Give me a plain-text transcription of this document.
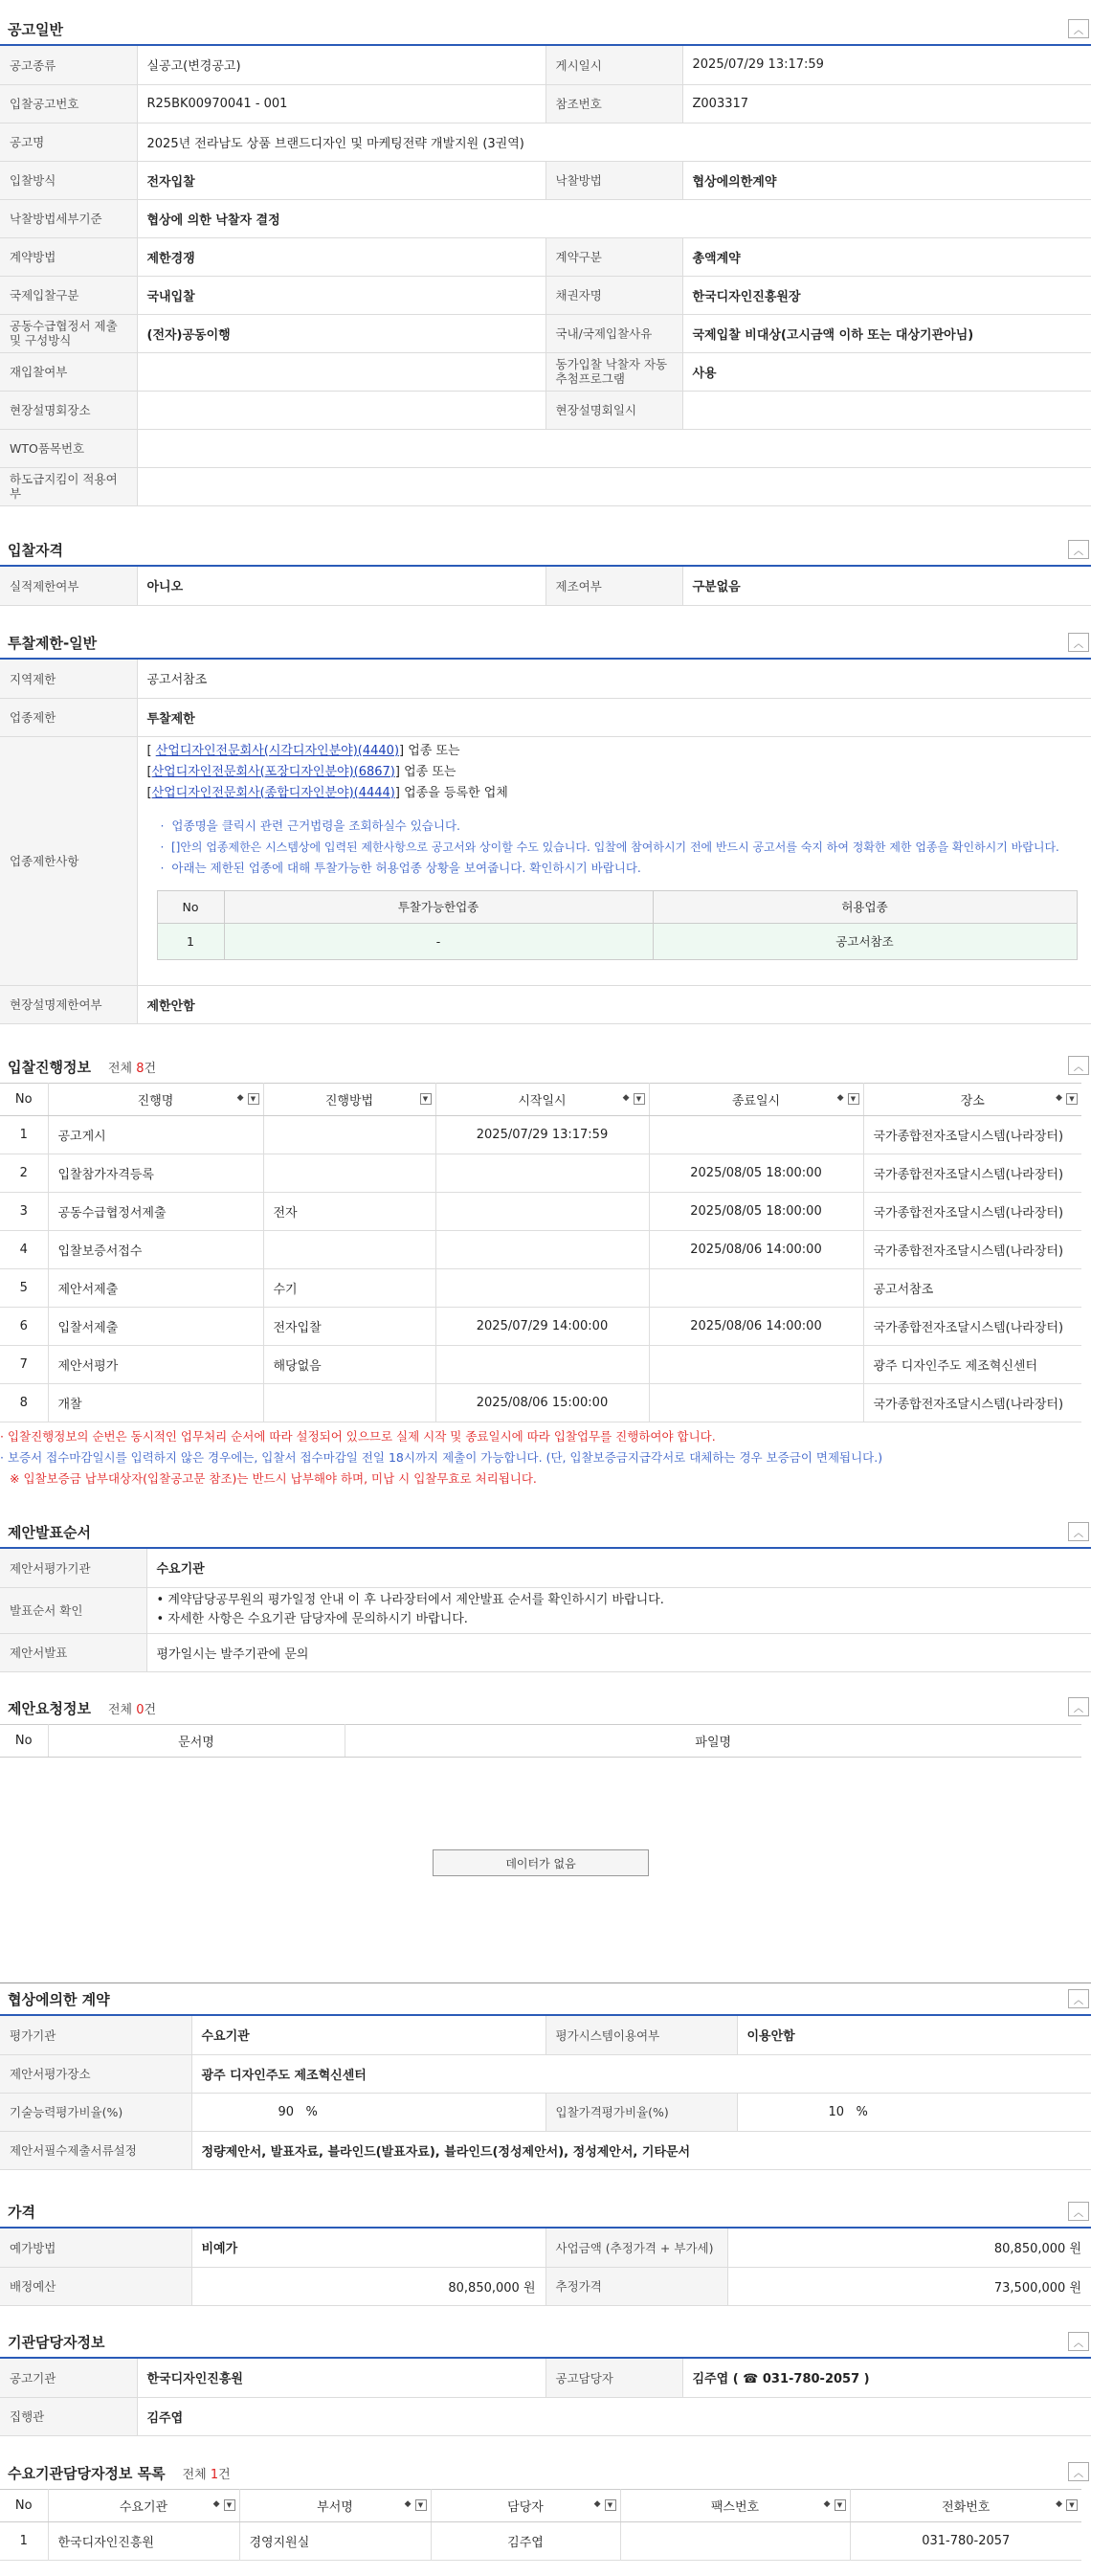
공고일반	︿
공고종류	실공고(변경공고)	게시일시	2025/07/29 13:17:59
입찰공고번호	R25BK00970041 - 001	참조번호	Z003317
공고명	2025년 전라남도 상품 브랜드디자인 및 마케팅전략 개발지원 (3권역)		
입찰방식	전자입찰	낙찰방법	협상에의한계약
낙찰방법세부기준	협상에 의한 낙찰자 결정		
계약방법	제한경쟁	계약구분	총액계약
국제입찰구분	국내입찰	채권자명	한국디자인진흥원장
공동수급협정서 제출 및 구성방식	(전자)공동이행	국내/국제입찰사유	국제입찰 비대상(고시금액 이하 또는 대상기관아님)
재입찰여부		동가입찰 낙찰자 자동추첨프로그램	사용
현장설명회장소		현장설명회일시	
WTO품목번호			
하도급지킴이 적용여부			
입찰자격	︿
실적제한여부	아니오	제조여부	구분없음
투찰제한-일반	︿
지역제한	공고서참조
업종제한	투찰제한
업종제한사항	
[ 산업디자인전문회사(시각디자인분야)(4440)] 업종 또는
[산업디자인전문회사(포장디자인분야)(6867)] 업종 또는
[산업디자인전문회사(종합디자인분야)(4444)] 업종을 등록한 업체
·  업종명을 클릭시 관련 근거법령을 조회하실수 있습니다.
·  []안의 업종제한은 시스템상에 입력된 제한사항으로 공고서와 상이할 수도 있습니다. 입찰에 참여하시기 전에 반드시 공고서를 숙지 하여 정확한 제한 업종을 확인하시기 바랍니다.
·  아래는 제한된 업종에 대해 투찰가능한 허용업종 상황을 보여줍니다. 확인하시기 바랍니다.
No	투찰가능한업종	허용업종
1	-	공고서참조

현장설명제한여부	제한안함
입찰진행정보 전체 8건	︿
No	진행명 ◆ ▼	진행방법 ▼	시작일시 ◆ ▼	종료일시 ◆ ▼	장소 ◆ ▼

1	공고게시		2025/07/29 13:17:59		국가종합전자조달시스템(나라장터)
2	입찰참가자격등록			2025/08/05 18:00:00	국가종합전자조달시스템(나라장터)
3	공동수급협정서제출	전자		2025/08/05 18:00:00	국가종합전자조달시스템(나라장터)
4	입찰보증서접수			2025/08/06 14:00:00	국가종합전자조달시스템(나라장터)
5	제안서제출	수기			공고서참조
6	입찰서제출	전자입찰	2025/07/29 14:00:00	2025/08/06 14:00:00	국가종합전자조달시스템(나라장터)
7	제안서평가	해당없음			광주 디자인주도 제조혁신센터
8	개찰		2025/08/06 15:00:00		국가종합전자조달시스템(나라장터)
· 입찰진행정보의 순번은 동시적인 업무처리 순서에 따라 설정되어 있으므로 실제 시작 및 종료일시에 따라 입찰업무를 진행하여야 합니다.
· 보증서 접수마감일시를 입력하지 않은 경우에는, 입찰서 접수마감일 전일 18시까지 제출이 가능합니다. (단, 입찰보증금지급각서로 대체하는 경우 보증금이 면제됩니다.)
※ 입찰보증금 납부대상자(입찰공고문 참조)는 반드시 납부해야 하며, 미납 시 입찰무효로 처리됩니다.
제안발표순서	︿
제안서평가기관	수요기관
발표순서 확인	• 계약담당공무원의 평가일정 안내 이 후 나라장터에서 제안발표 순서를 확인하시기 바랍니다.
• 자세한 사항은 수요기관 담당자에 문의하시기 바랍니다.

제안서발표	평가일시는 발주기관에 문의
제안요청정보 전체 0건	︿
No	문서명	파일명
데이터가 없음
협상에의한 계약	︿
평가기관	수요기관	평가시스템이용여부	이용안함
제안서평가장소	광주 디자인주도 제조혁신센터		
기술능력평가비율(%)	90 %	입찰가격평가비율(%)	10 %
제안서필수제출서류설정	정량제안서, 발표자료, 블라인드(발표자료), 블라인드(정성제안서), 정성제안서, 기타문서		
가격	︿
예가방법	비예가	사업금액 (추정가격 + 부가세)	80,850,000 원
배정예산	80,850,000 원	추정가격	73,500,000 원
기관담당자정보	︿
공고기관	한국디자인진흥원	공고담당자	김주엽 ( ☎ 031-780-2057 )
집행관	김주엽		
수요기관담당자정보 목록 전체 1건	︿
No	수요기관 ◆ ▼	부서명 ◆ ▼	담당자 ◆ ▼	팩스번호 ◆ ▼	전화번호 ◆ ▼

1	한국디자인진흥원	경영지원실	김주엽		031-780-2057
